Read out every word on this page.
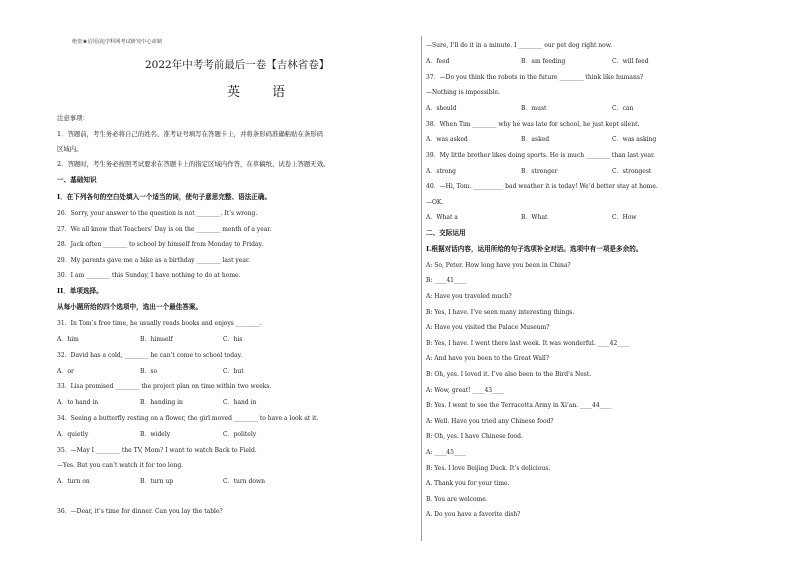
绝密★启用前|学科网考试研究中心命制
2022年中考考前最后一卷【吉林省卷】
英 语
注意事项：
1．答题前，考生务必将自己的姓名、准考证号填写在答题卡上，并将条形码准确粘贴在条形码
区域内。
2．答题时，考生务必按照考试要求在答题卡上的指定区域内作答，在草稿纸、试卷上答题无效。
一、基础知识
I．在下列各句的空白处填入一个适当的词，使句子意思完整、语法正确。
26．Sorry, your answer to the question is not ________. It’s wrong.
27．We all know that Teachers’ Day is on the ________ month of a year.
28．Jack often ________ to school by himself from Monday to Friday.
29．My parents gave me a bike as a birthday ________ last year.
30．I am ________ this Sunday, I have nothing to do at home.
II．单项选择。
从每小题所给的四个选项中，选出一个最佳答案。
31．In Tom’s free time, he usually reads books and enjoys ________.
A．him	B．himself	C．his
32．David has a cold, ________ he can’t come to school today.
A．or	B．so	C．but
33．Lisa promised ________ the project plan on time within two weeks.
A．to hand in	B．handing in	C．hand in
34．Seeing a butterfly resting on a flower, the girl moved ________ to have a look at it.
A．quietly	B．widely	C．politely
35．—May I ________ the TV, Mom? I want to watch Back to Field.
—Yes. But you can’t watch it for too long.
A．turn on	B．turn up	C．turn down
36．—Dear, it’s time for dinner. Can you lay the table?
—Sure, I’ll do it in a minute. I ________ our pet dog right now.
A．feed	B．am feeding	C．will feed
37．—Do you think the robots in the future ________ think like humans?
—Nothing is impossible.
A．should	B．must	C．can
38．When Tim ________ why he was late for school, he just kept silent.
A．was asked	B．asked	C．was asking
39．My little brother likes doing sports. He is much ________ than last year.
A．strong	B．stronger	C．strongest
40．—Hi, Tom. __________ bad weather it is today! We’d better stay at home.
—OK.
A．What a	B．What	C．How
二、交际运用
I.根据对话内容，运用所给的句子选项补全对话。选项中有一项是多余的。
A: So, Peter. How long have you been in China?
B: ____41____
A: Have you traveled much?
B: Yes, I have. I’ve seen many interesting things.
A: Have you visited the Palace Museum?
B: Yes, I have. I went there last week. It was wonderful. ____42____
A: And have you been to the Great Wall?
B: Oh, yes. I loved it. I’ve also been to the Bird’s Nest.
A: Wow, great! ____43____
B: Yes. I went to see the Terracotta Army in Xi’an. ____44____
A: Well. Have you tried any Chinese food?
B: Oh, yes. I have Chinese food.
A: ____45____
B: Yes. I love Beijing Duck. It’s delicious.
A. Thank you for your time.
B. You are welcome.
A. Do you have a favorite dish?
